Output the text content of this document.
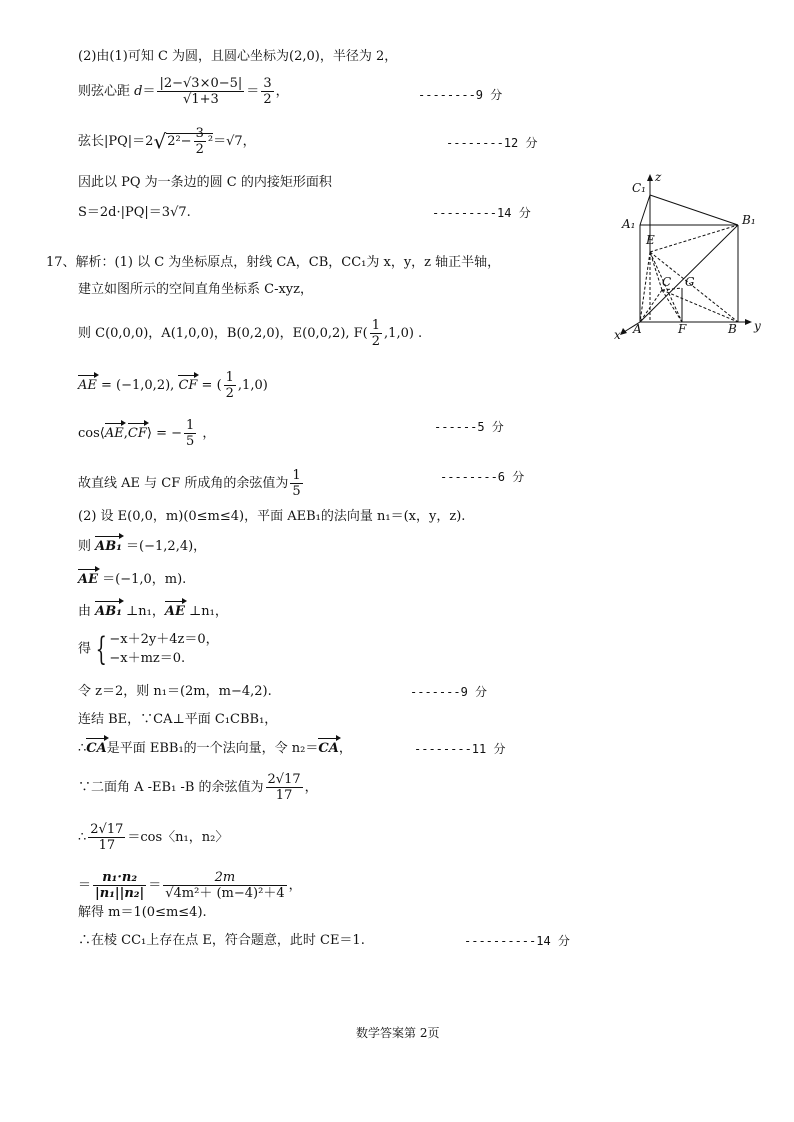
(2)由(1)可知 C 为圆，且圆心坐标为(2,0)，半径为 2，
则弦心距 $d= \frac{|2-√3\times 0-5|}{√1+3} = \frac{3}{2}$ ，	--------9 分
弦长$|PQ|=2√2^2- \frac{3}{2} ^2=√7$，	--------12 分
因此以 PQ 为一条边的圆 C 的内接矩形面积
S＝2d·|PQ|＝3√7.	---------14 分
17、解析：(1) 以 C 为坐标原点，射线 CA，CB，CC₁为 x，y，z 轴正半轴，
建立如图所示的空间直角坐标系 C-xyz，
则 C(0,0,0)，A(1,0,0)，B(0,2,0)，E(0,0,2), $F( \frac{1}{2} ,1,0)$ .
AE = (−1,0,2), CF = ( $\frac{1}{2} ,1,0$)
cos⟨AE,CF⟩ = − $\frac{1}{5}$ ，	------5 分
故直线 AE 与 CF 所成角的余弦值为 $\frac{1}{5}$	--------6 分
(2) 设 E(0,0，m)(0≤m≤4)，平面 AEB₁的法向量 n₁＝(x，y，z).
则 AB₁ ＝(−1,2,4)，
AE ＝(−1,0，m).
由 AB₁ ⊥n₁，AE ⊥n₁，
得 { −x＋2y＋4z＝0，
−x＋mz＝0.
令 z＝2，则 n₁＝(2m，m−4,2).	-------9 分
连结 BE，∵CA⊥平面 C₁CBB₁，
∴CA是平面 EBB₁的一个法向量，令 n₂＝CA，	--------11 分
∵二面角 A -EB₁ -B 的余弦值为 $\frac{2√17}{17}$ ，
∴ $\frac{2√17}{17} =\cos$〈n₁，n₂〉
＝ $\frac{\text{n₁·n₂}}{\text{|n₁||n₂|}} = \frac{2m}{\text{√4m²＋ (m−4)²＋4}}$ ，
解得 m＝1(0≤m≤4).
∴在棱 CC₁上存在点 E，符合题意，此时 CE＝1.	----------14 分
C₁
z
A₁	B₁
E
C G
A	F	B y
x
数学答案第 2页
